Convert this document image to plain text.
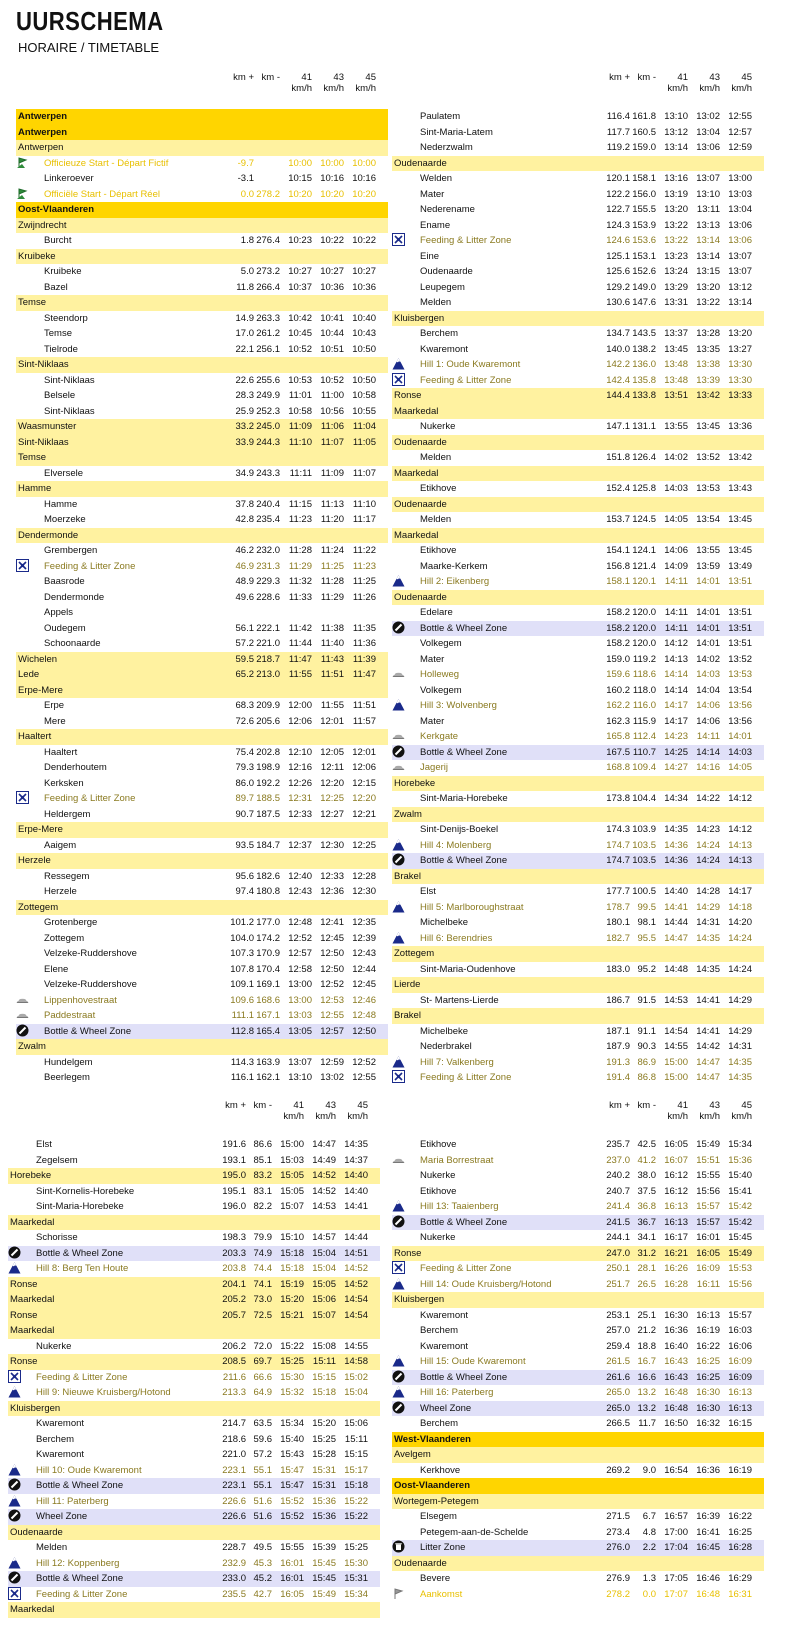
UURSCHEMA
HORAIRE / TIMETABLE
km + km - 41 43 45
km/h km/h km/h
Antwerpen
Antwerpen
Antwerpen
Officieuze Start - Départ Fictif	-9.7	10:00 10:00 10:00
Linkeroever	-3.1	10:15 10:16 10:16
Officiële Start - Départ Réel	0.0 278.2 10:20 10:20 10:20
Oost-Vlaanderen
Zwijndrecht
Burcht	1.8 276.4 10:23 10:22 10:22
Kruibeke
Kruibeke	5.0 273.2 10:27 10:27 10:27
Bazel	11.8 266.4 10:37 10:36 10:36
Temse
Steendorp	14.9 263.3 10:42 10:41 10:40
Temse	17.0 261.2 10:45 10:44 10:43
Tielrode	22.1 256.1 10:52 10:51 10:50
Sint-Niklaas
Sint-Niklaas	22.6 255.6 10:53 10:52 10:50
Belsele	28.3 249.9 11:01 11:00 10:58
Sint-Niklaas	25.9 252.3 10:58 10:56 10:55
Waasmunster	33.2 245.0 11:09 11:06 11:04
Sint-Niklaas	33.9 244.3 11:10 11:07 11:05
Temse
Elversele	34.9 243.3 11:11 11:09 11:07
Hamme
Hamme	37.8 240.4 11:15 11:13 11:10
Moerzeke	42.8 235.4 11:23 11:20 11:17
Dendermonde
Grembergen	46.2 232.0 11:28 11:24 11:22
Feeding & Litter Zone	46.9 231.3 11:29 11:25 11:23
Baasrode	48.9 229.3 11:32 11:28 11:25
Dendermonde	49.6 228.6 11:33 11:29 11:26
Appels
Oudegem	56.1 222.1 11:42 11:38 11:35
Schoonaarde	57.2 221.0 11:44 11:40 11:36
Wichelen	59.5 218.7 11:47 11:43 11:39
Lede	65.2 213.0 11:55 11:51 11:47
Erpe-Mere
Erpe	68.3 209.9 12:00 11:55 11:51
Mere	72.6 205.6 12:06 12:01 11:57
Haaltert
Haaltert	75.4 202.8 12:10 12:05 12:01
Denderhoutem	79.3 198.9 12:16 12:11 12:06
Kerksken	86.0 192.2 12:26 12:20 12:15
Feeding & Litter Zone	89.7 188.5 12:31 12:25 12:20
Heldergem	90.7 187.5 12:33 12:27 12:21
Erpe-Mere
Aaigem	93.5 184.7 12:37 12:30 12:25
Herzele
Ressegem	95.6 182.6 12:40 12:33 12:28
Herzele	97.4 180.8 12:43 12:36 12:30
Zottegem
Grotenberge	101.2 177.0 12:48 12:41 12:35
Zottegem	104.0 174.2 12:52 12:45 12:39
Velzeke-Ruddershove	107.3 170.9 12:57 12:50 12:43
Elene	107.8 170.4 12:58 12:50 12:44
Velzeke-Ruddershove	109.1 169.1 13:00 12:52 12:45
Lippenhovestraat	109.6 168.6 13:00 12:53 12:46
Paddestraat	111.1 167.1 13:03 12:55 12:48
Bottle & Wheel Zone	112.8 165.4 13:05 12:57 12:50
Zwalm
Hundelgem	114.3 163.9 13:07 12:59 12:52
Beerlegem	116.1 162.1 13:10 13:02 12:55
km + km - 41 43 45
km/h km/h km/h
Paulatem	116.4 161.8 13:10 13:02 12:55
Sint-Maria-Latem	117.7 160.5 13:12 13:04 12:57
Nederzwalm	119.2 159.0 13:14 13:06 12:59
Oudenaarde
Welden	120.1 158.1 13:16 13:07 13:00
Mater	122.2 156.0 13:19 13:10 13:03
Nederename	122.7 155.5 13:20 13:11 13:04
Ename	124.3 153.9 13:22 13:13 13:06
Feeding & Litter Zone	124.6 153.6 13:22 13:14 13:06
Eine	125.1 153.1 13:23 13:14 13:07
Oudenaarde	125.6 152.6 13:24 13:15 13:07
Leupegem	129.2 149.0 13:29 13:20 13:12
Melden	130.6 147.6 13:31 13:22 13:14
Kluisbergen
Berchem	134.7 143.5 13:37 13:28 13:20
Kwaremont	140.0 138.2 13:45 13:35 13:27
Hill 1: Oude Kwaremont	142.2 136.0 13:48 13:38 13:30
Feeding & Litter Zone	142.4 135.8 13:48 13:39 13:30
Ronse	144.4 133.8 13:51 13:42 13:33
Maarkedal
Nukerke	147.1 131.1 13:55 13:45 13:36
Oudenaarde
Melden	151.8 126.4 14:02 13:52 13:42
Maarkedal
Etikhove	152.4 125.8 14:03 13:53 13:43
Oudenaarde
Melden	153.7 124.5 14:05 13:54 13:45
Maarkedal
Etikhove	154.1 124.1 14:06 13:55 13:45
Maarke-Kerkem	156.8 121.4 14:09 13:59 13:49
Hill 2: Eikenberg	158.1 120.1 14:11 14:01 13:51
Oudenaarde
Edelare	158.2 120.0 14:11 14:01 13:51
Bottle & Wheel Zone	158.2 120.0 14:11 14:01 13:51
Volkegem	158.2 120.0 14:12 14:01 13:51
Mater	159.0 119.2 14:13 14:02 13:52
Holleweg	159.6 118.6 14:14 14:03 13:53
Volkegem	160.2 118.0 14:14 14:04 13:54
Hill 3: Wolvenberg	162.2 116.0 14:17 14:06 13:56
Mater	162.3 115.9 14:17 14:06 13:56
Kerkgate	165.8 112.4 14:23 14:11 14:01
Bottle & Wheel Zone	167.5 110.7 14:25 14:14 14:03
Jagerij	168.8 109.4 14:27 14:16 14:05
Horebeke
Sint-Maria-Horebeke	173.8 104.4 14:34 14:22 14:12
Zwalm
Sint-Denijs-Boekel	174.3 103.9 14:35 14:23 14:12
Hill 4: Molenberg	174.7 103.5 14:36 14:24 14:13
Bottle & Wheel Zone	174.7 103.5 14:36 14:24 14:13
Brakel
Elst	177.7 100.5 14:40 14:28 14:17
Hill 5: Marlboroughstraat	178.7 99.5 14:41 14:29 14:18
Michelbeke	180.1 98.1 14:44 14:31 14:20
Hill 6: Berendries	182.7 95.5 14:47 14:35 14:24
Zottegem
Sint-Maria-Oudenhove	183.0 95.2 14:48 14:35 14:24
Lierde
St- Martens-Lierde	186.7 91.5 14:53 14:41 14:29
Brakel
Michelbeke	187.1 91.1 14:54 14:41 14:29
Nederbrakel	187.9 90.3 14:55 14:42 14:31
Hill 7: Valkenberg	191.3 86.9 15:00 14:47 14:35
Feeding & Litter Zone	191.4 86.8 15:00 14:47 14:35
km + km - 41 43 45
km/h km/h km/h
Elst	191.6 86.6 15:00 14:47 14:35
Zegelsem	193.1 85.1 15:03 14:49 14:37
Horebeke	195.0 83.2 15:05 14:52 14:40
Sint-Kornelis-Horebeke	195.1 83.1 15:05 14:52 14:40
Sint-Maria-Horebeke	196.0 82.2 15:07 14:53 14:41
Maarkedal
Schorisse	198.3 79.9 15:10 14:57 14:44
Bottle & Wheel Zone	203.3 74.9 15:18 15:04 14:51
Hill 8: Berg Ten Houte	203.8 74.4 15:18 15:04 14:52
Ronse	204.1 74.1 15:19 15:05 14:52
Maarkedal	205.2 73.0 15:20 15:06 14:54
Ronse	205.7 72.5 15:21 15:07 14:54
Maarkedal
Nukerke	206.2 72.0 15:22 15:08 14:55
Ronse	208.5 69.7 15:25 15:11 14:58
Feeding & Litter Zone	211.6 66.6 15:30 15:15 15:02
Hill 9: Nieuwe Kruisberg/Hotond	213.3 64.9 15:32 15:18 15:04
Kluisbergen
Kwaremont	214.7 63.5 15:34 15:20 15:06
Berchem	218.6 59.6 15:40 15:25 15:11
Kwaremont	221.0 57.2 15:43 15:28 15:15
Hill 10: Oude Kwaremont	223.1 55.1 15:47 15:31 15:17
Bottle & Wheel Zone	223.1 55.1 15:47 15:31 15:18
Hill 11: Paterberg	226.6 51.6 15:52 15:36 15:22
Wheel Zone	226.6 51.6 15:52 15:36 15:22
Oudenaarde
Melden	228.7 49.5 15:55 15:39 15:25
Hill 12: Koppenberg	232.9 45.3 16:01 15:45 15:30
Bottle & Wheel Zone	233.0 45.2 16:01 15:45 15:31
Feeding & Litter Zone	235.5 42.7 16:05 15:49 15:34
Maarkedal
km + km - 41 43 45
km/h km/h km/h
Etikhove	235.7 42.5 16:05 15:49 15:34
Maria Borrestraat	237.0 41.2 16:07 15:51 15:36
Nukerke	240.2 38.0 16:12 15:55 15:40
Etikhove	240.7 37.5 16:12 15:56 15:41
Hill 13: Taaienberg	241.4 36.8 16:13 15:57 15:42
Bottle & Wheel Zone	241.5 36.7 16:13 15:57 15:42
Nukerke	244.1 34.1 16:17 16:01 15:45
Ronse	247.0 31.2 16:21 16:05 15:49
Feeding & Litter Zone	250.1 28.1 16:26 16:09 15:53
Hill 14: Oude Kruisberg/Hotond	251.7 26.5 16:28 16:11 15:56
Kluisbergen
Kwaremont	253.1 25.1 16:30 16:13 15:57
Berchem	257.0 21.2 16:36 16:19 16:03
Kwaremont	259.4 18.8 16:40 16:22 16:06
Hill 15: Oude Kwaremont	261.5 16.7 16:43 16:25 16:09
Bottle & Wheel Zone	261.6 16.6 16:43 16:25 16:09
Hill 16: Paterberg	265.0 13.2 16:48 16:30 16:13
Wheel Zone	265.0 13.2 16:48 16:30 16:13
Berchem	266.5 11.7 16:50 16:32 16:15
West-Vlaanderen
Avelgem
Kerkhove	269.2 9.0 16:54 16:36 16:19
Oost-Vlaanderen
Wortegem-Petegem
Elsegem	271.5 6.7 16:57 16:39 16:22
Petegem-aan-de-Schelde	273.4 4.8 17:00 16:41 16:25
Litter Zone	276.0 2.2 17:04 16:45 16:28
Oudenaarde
Bevere	276.9 1.3 17:05 16:46 16:29
Aankomst	278.2 0.0 17:07 16:48 16:31
